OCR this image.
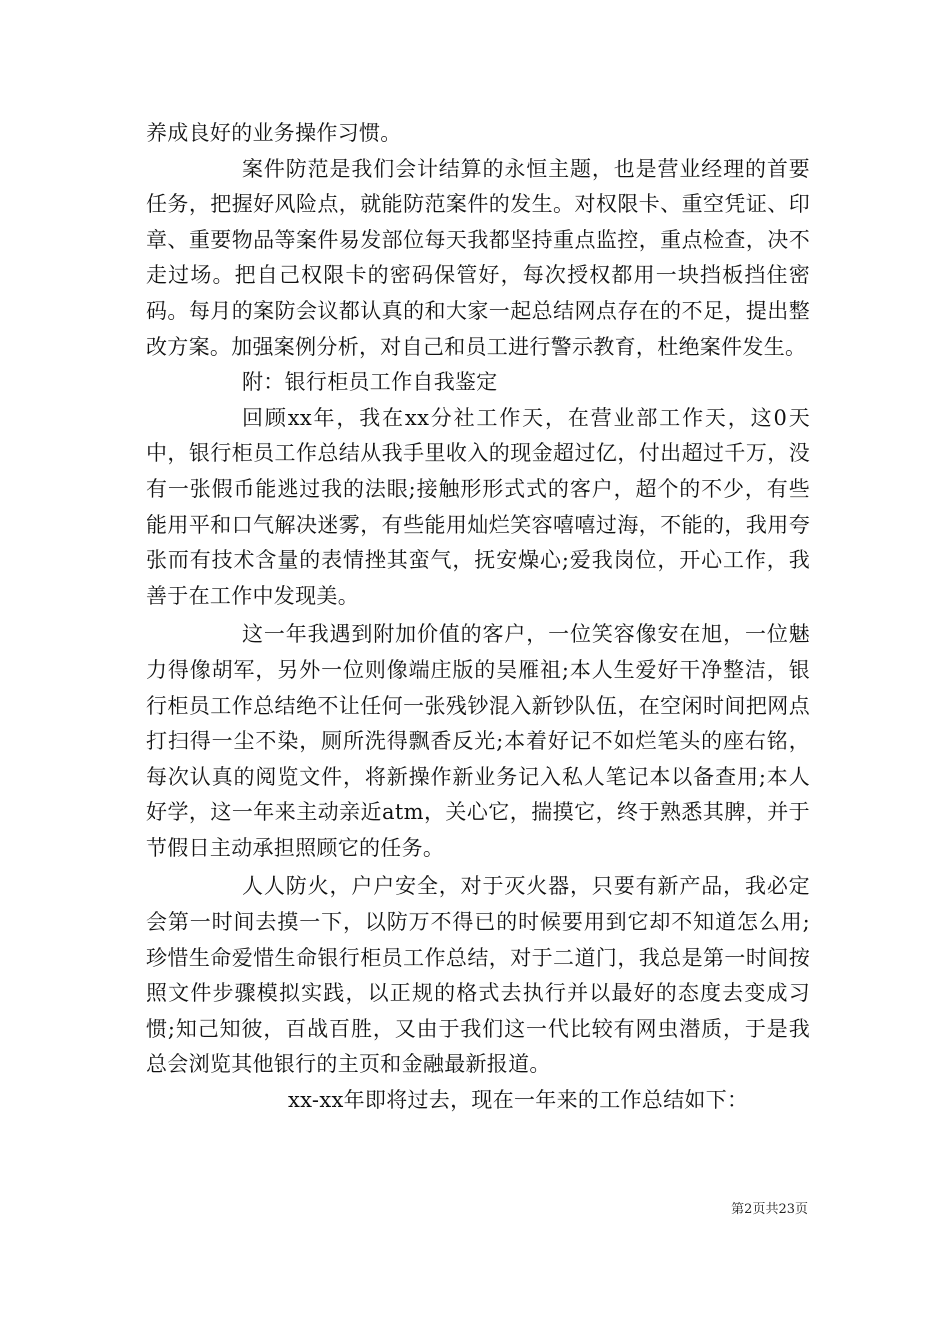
养成良好的业务操作习惯。

案件防范是我们会计结算的永恒主题，也是营业经理的首要任务，把握好风险点，就能防范案件的发生。对权限卡、重空凭证、印章、重要物品等案件易发部位每天我都坚持重点监控，重点检查，决不走过场。把自己权限卡的密码保管好，每次授权都用一块挡板挡住密码。每月的案防会议都认真的和大家一起总结网点存在的不足，提出整改方案。加强案例分析，对自己和员工进行警示教育，杜绝案件发生。

附：银行柜员工作自我鉴定

回顾xx年，我在xx分社工作天，在营业部工作天，这0天中，银行柜员工作总结从我手里收入的现金超过亿，付出超过千万，没有一张假币能逃过我的法眼;接触形形式式的客户，超个的不少，有些能用平和口气解决迷雾，有些能用灿烂笑容嘻嘻过海，不能的，我用夸张而有技术含量的表情挫其蛮气，抚安燥心;爱我岗位，开心工作，我善于在工作中发现美。

这一年我遇到附加价值的客户，一位笑容像安在旭，一位魅力得像胡军，另外一位则像端庄版的吴雁祖;本人生爱好干净整洁，银行柜员工作总结绝不让任何一张残钞混入新钞队伍，在空闲时间把网点打扫得一尘不染，厕所洗得飘香反光;本着好记不如烂笔头的座右铭，每次认真的阅览文件，将新操作新业务记入私人笔记本以备查用;本人好学，这一年来主动亲近atm，关心它，揣摸它，终于熟悉其脾，并于节假日主动承担照顾它的任务。

人人防火，户户安全，对于灭火器，只要有新产品，我必定会第一时间去摸一下，以防万不得已的时候要用到它却不知道怎么用;珍惜生命爱惜生命银行柜员工作总结，对于二道门，我总是第一时间按照文件步骤模拟实践，以正规的格式去执行并以最好的态度去变成习惯;知己知彼，百战百胜，又由于我们这一代比较有网虫潜质，于是我总会浏览其他银行的主页和金融最新报道。

xx-xx年即将过去，现在一年来的工作总结如下：

第2页共23页
